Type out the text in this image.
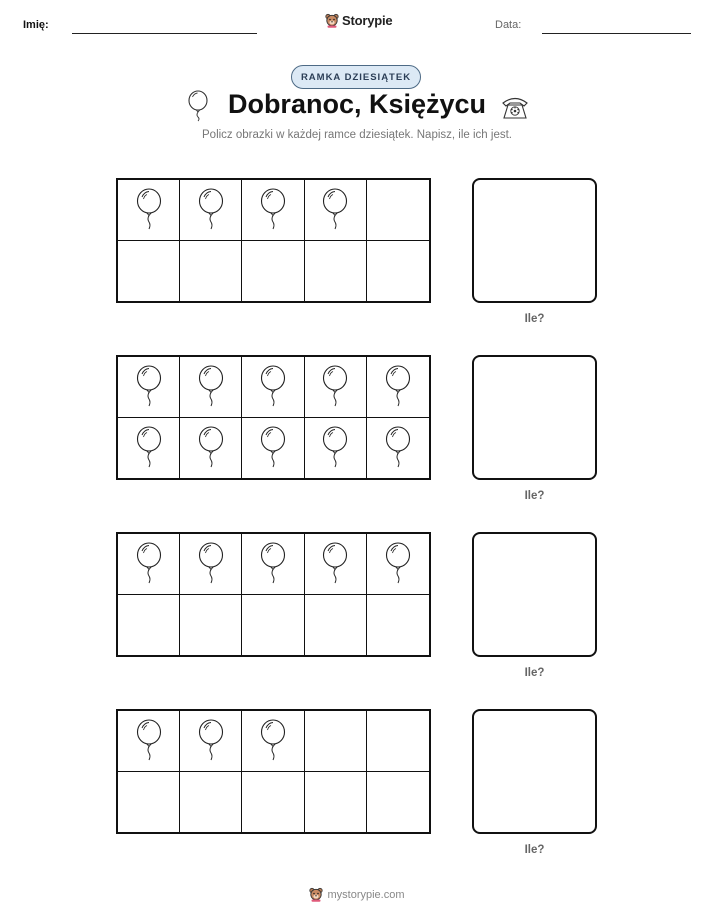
Imię:	Storypie	Data:
RAMKA DZIESIĄTEK
Dobranoc, Księżycu
Policz obrazki w każdej ramce dziesiątek. Napisz, ile ich jest.
Ile?
Ile?
Ile?
Ile?
mystorypie.com
